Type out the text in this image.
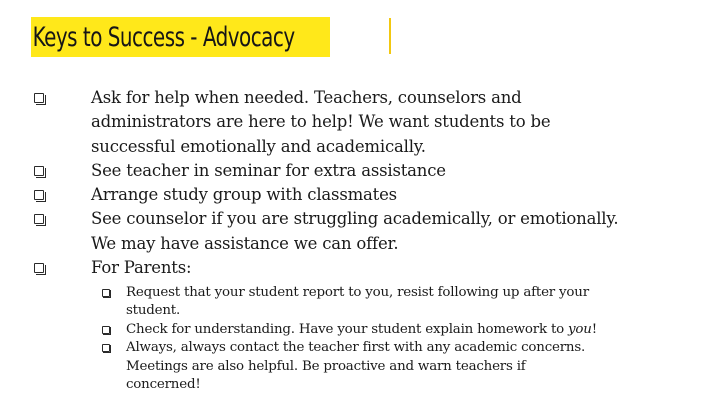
Keys to Success - Advocacy
Ask for help when needed. Teachers, counselors and administrators are here to help! We want students to be successful emotionally and academically.
See teacher in seminar for extra assistance
Arrange study group with classmates
See counselor if you are struggling academically, or emotionally. We may have assistance we can offer.
For Parents:
Request that your student report to you, resist following up after your student.
Check for understanding. Have your student explain homework to you!
Always, always contact the teacher first with any academic concerns. Meetings are also helpful. Be proactive and warn teachers if concerned!
